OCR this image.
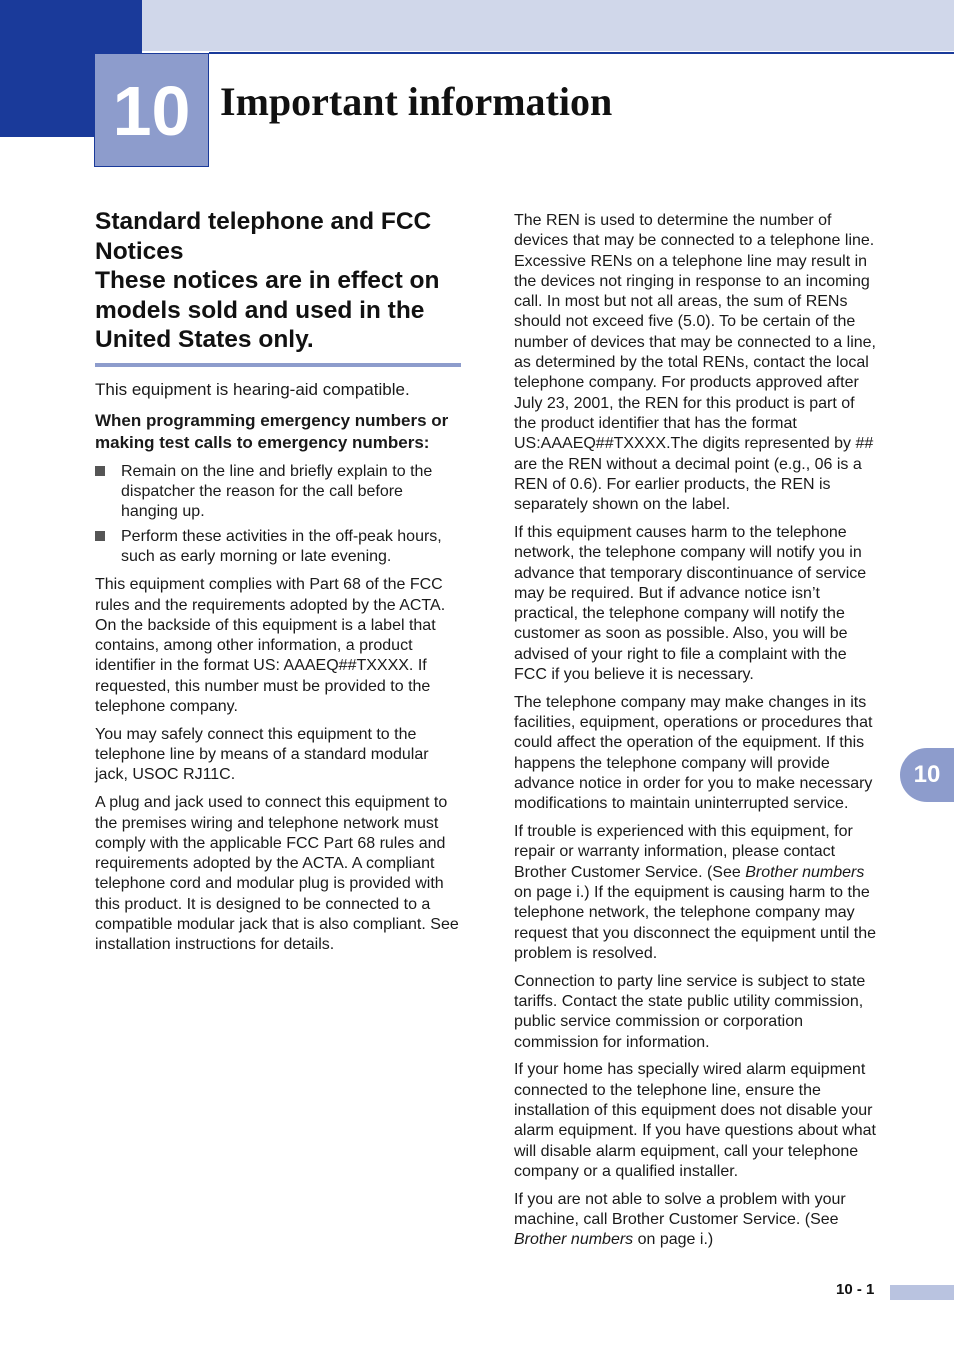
10 Important information
Standard telephone and FCC
Notices
These notices are in effect on
models sold and used in the
United States only.

This equipment is hearing-aid compatible.

When programming emergency numbers or making test calls to emergency numbers:

Remain on the line and briefly explain to the dispatcher the reason for the call before hanging up.
Perform these activities in the off-peak hours, such as early morning or late evening.

This equipment complies with Part 68 of the FCC rules and the requirements adopted by the ACTA. On the backside of this equipment is a label that contains, among other information, a product identifier in the format US: AAAEQ##TXXXX. If requested, this number must be provided to the telephone company.

You may safely connect this equipment to the telephone line by means of a standard modular jack, USOC RJ11C.

A plug and jack used to connect this equipment to the premises wiring and telephone network must comply with the applicable FCC Part 68 rules and requirements adopted by the ACTA. A compliant telephone cord and modular plug is provided with this product. It is designed to be connected to a compatible modular jack that is also compliant. See installation instructions for details.

The REN is used to determine the number of devices that may be connected to a telephone line. Excessive RENs on a telephone line may result in the devices not ringing in response to an incoming call. In most but not all areas, the sum of RENs should not exceed five (5.0). To be certain of the number of devices that may be connected to a line, as determined by the total RENs, contact the local telephone company. For products approved after July 23, 2001, the REN for this product is part of the product identifier that has the format US:AAAEQ##TXXXX.The digits represented by ## are the REN without a decimal point (e.g., 06 is a REN of 0.6). For earlier products, the REN is separately shown on the label.

If this equipment causes harm to the telephone network, the telephone company will notify you in advance that temporary discontinuance of service may be required. But if advance notice isn’t practical, the telephone company will notify the customer as soon as possible. Also, you will be advised of your right to file a complaint with the FCC if you believe it is necessary.

The telephone company may make changes in its facilities, equipment, operations or procedures that could affect the operation of the equipment. If this happens the telephone company will provide advance notice in order for you to make necessary modifications to maintain uninterrupted service.

If trouble is experienced with this equipment, for repair or warranty information, please contact Brother Customer Service. (See Brother numbers on page i.) If the equipment is causing harm to the telephone network, the telephone company may request that you disconnect the equipment until the problem is resolved.

Connection to party line service is subject to state tariffs. Contact the state public utility commission, public service commission or corporation commission for information.

If your home has specially wired alarm equipment connected to the telephone line, ensure the installation of this equipment does not disable your alarm equipment. If you have questions about what will disable alarm equipment, call your telephone company or a qualified installer.

If you are not able to solve a problem with your machine, call Brother Customer Service. (See Brother numbers on page i.)

10
10 - 1
